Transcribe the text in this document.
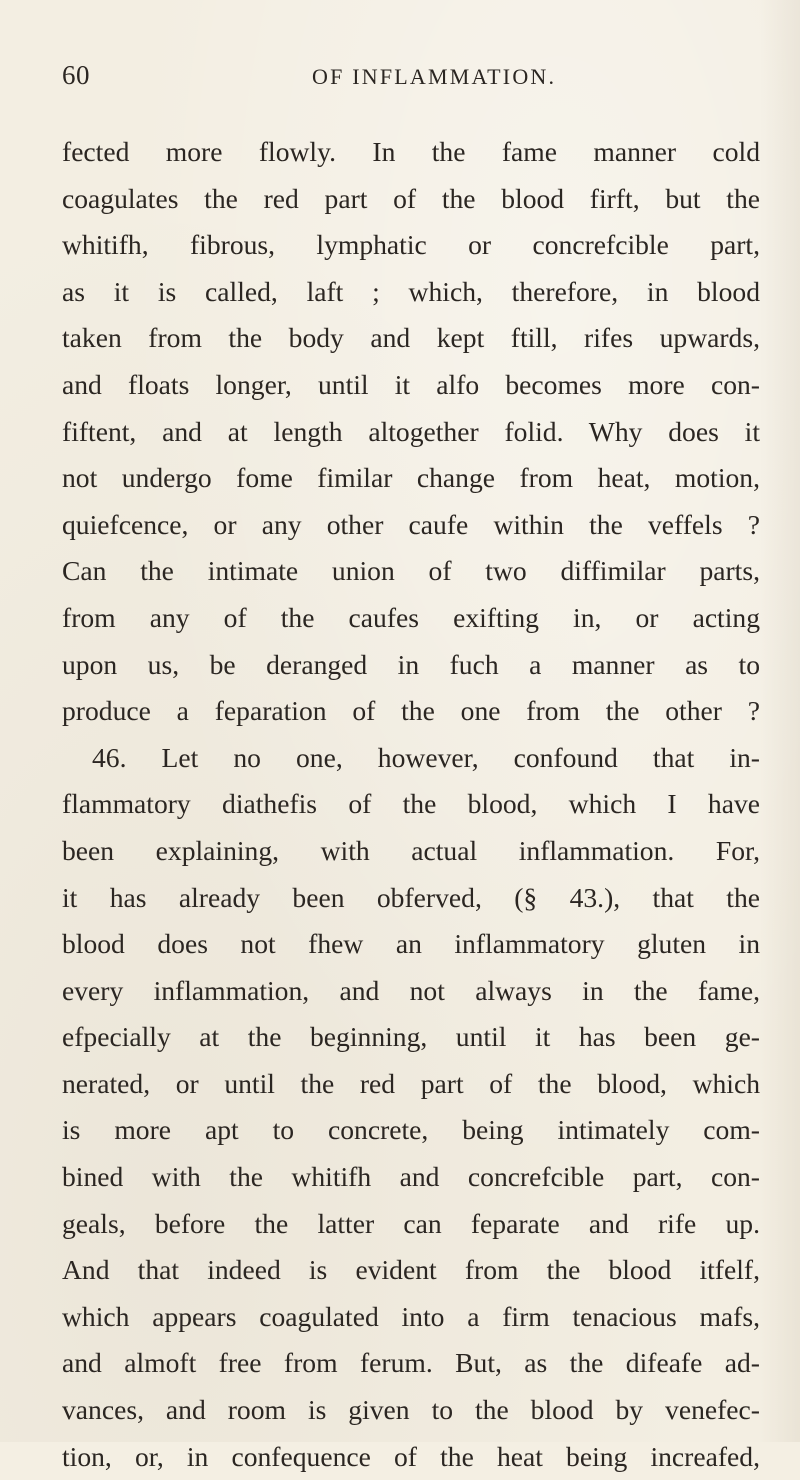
60	OF INFLAMMATION.
fected more flowly. In the fame manner cold
coagulates the red part of the blood firft, but the
whitifh, fibrous, lymphatic or concrefcible part,
as it is called, laft ; which, therefore, in blood
taken from the body and kept ftill, rifes upwards,
and floats longer, until it alfo becomes more con-
fiftent, and at length altogether folid. Why does it
not undergo fome fimilar change from heat, motion,
quiefcence, or any other caufe within the veffels ?
Can the intimate union of two diffimilar parts,
from any of the caufes exifting in, or acting
upon us, be deranged in fuch a manner as to
produce a feparation of the one from the other ?
46. Let no one, however, confound that in-
flammatory diathefis of the blood, which I have
been explaining, with actual inflammation. For,
it has already been obferved, (§ 43.), that the
blood does not fhew an inflammatory gluten in
every inflammation, and not always in the fame,
efpecially at the beginning, until it has been ge-
nerated, or until the red part of the blood, which
is more apt to concrete, being intimately com-
bined with the whitifh and concrefcible part, con-
geals, before the latter can feparate and rife up.
And that indeed is evident from the blood itfelf,
which appears coagulated into a firm tenacious mafs,
and almoft free from ferum. But, as the difeafe ad-
vances, and room is given to the blood by venefec-
tion, or, in confequence of the heat being increafed,
